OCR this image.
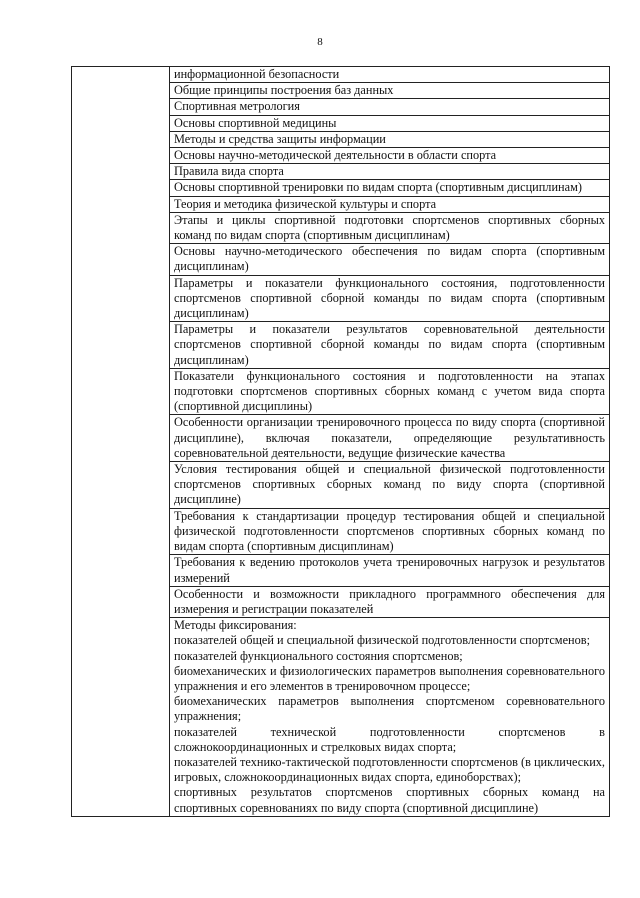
8

информационной безопасности

Общие принципы построения баз данных

Спортивная метрология

Основы спортивной медицины

Методы и средства защиты информации

Основы научно-методической деятельности в области спорта

Правила вида спорта

Основы спортивной тренировки по видам спорта (спортивным дисциплинам)

Теория и методика физической культуры и спорта

Этапы и циклы спортивной подготовки спортсменов спортивных сборных команд по видам спорта (спортивным дисциплинам)

Основы научно-методического обеспечения по видам спорта (спортивным дисциплинам)

Параметры и показатели функционального состояния, подготовленности спортсменов спортивной сборной команды по видам спорта (спортивным дисциплинам)

Параметры и показатели результатов соревновательной деятельности спортсменов спортивной сборной команды по видам спорта (спортивным дисциплинам)

Показатели функционального состояния и подготовленности на этапах подготовки спортсменов спортивных сборных команд с учетом вида спорта (спортивной дисциплины)

Особенности организации тренировочного процесса по виду спорта (спортивной дисциплине), включая показатели, определяющие результативность соревновательной деятельности, ведущие физические качества

Условия тестирования общей и специальной физической подготовленности спортсменов спортивных сборных команд по виду спорта (спортивной дисциплине)

Требования к стандартизации процедур тестирования общей и специальной физической подготовленности спортсменов спортивных сборных команд по видам спорта (спортивным дисциплинам)

Требования к ведению протоколов учета тренировочных нагрузок и результатов измерений

Особенности и возможности прикладного программного обеспечения для измерения и регистрации показателей

Методы фиксирования:
показателей общей и специальной физической подготовленности спортсменов;
показателей функционального состояния спортсменов;
биомеханических и физиологических параметров выполнения соревновательного упражнения и его элементов в тренировочном процессе;
биомеханических параметров выполнения спортсменом соревновательного упражнения;
показателей технической подготовленности спортсменов в сложнокоординационных и стрелковых видах спорта;
показателей технико-тактической подготовленности спортсменов (в циклических, игровых, сложнокоординационных видах спорта, единоборствах);
спортивных результатов спортсменов спортивных сборных команд на спортивных соревнованиях по виду спорта (спортивной дисциплине)
